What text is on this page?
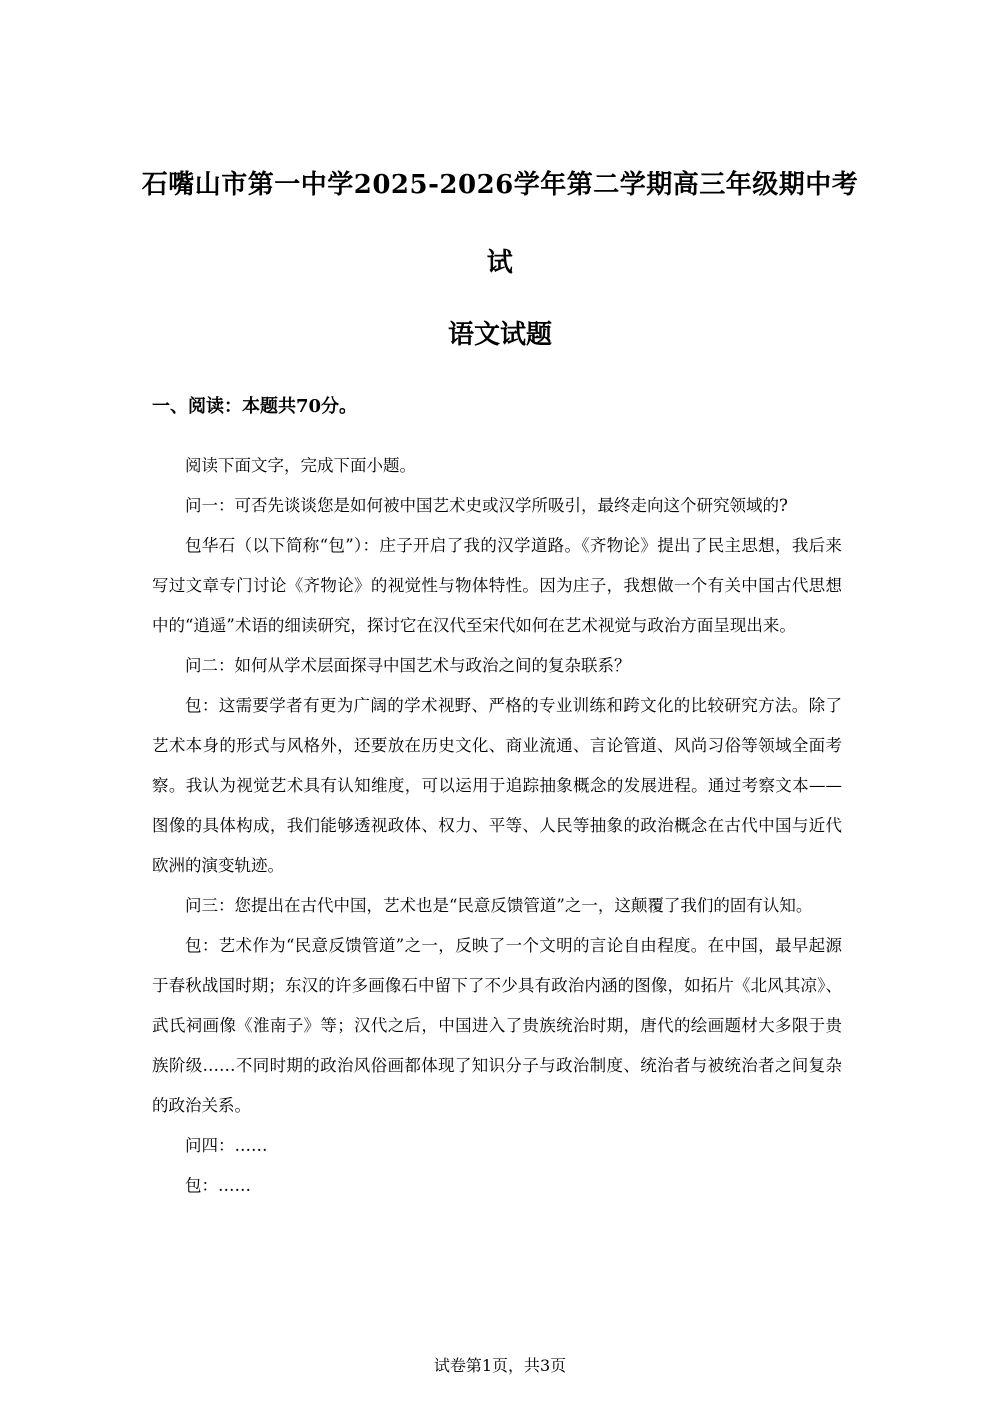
石嘴山市第一中学2025-2026学年第二学期高三年级期中考
试
语文试题
一、阅读：本题共70分。

阅读下面文字，完成下面小题。

问一：可否先谈谈您是如何被中国艺术史或汉学所吸引，最终走向这个研究领域的?

包华石（以下简称“包”）：庄子开启了我的汉学道路。《齐物论》提出了民主思想，我后来写过文章专门讨论《齐物论》的视觉性与物体特性。因为庄子，我想做一个有关中国古代思想中的“逍遥”术语的细读研究，探讨它在汉代至宋代如何在艺术视觉与政治方面呈现出来。

问二：如何从学术层面探寻中国艺术与政治之间的复杂联系？

包：这需要学者有更为广阔的学术视野、严格的专业训练和跨文化的比较研究方法。除了艺术本身的形式与风格外，还要放在历史文化、商业流通、言论管道、风尚习俗等领域全面考察。我认为视觉艺术具有认知维度，可以运用于追踪抽象概念的发展进程。通过考察文本——图像的具体构成，我们能够透视政体、权力、平等、人民等抽象的政治概念在古代中国与近代欧洲的演变轨迹。

问三：您提出在古代中国，艺术也是“民意反馈管道”之一，这颠覆了我们的固有认知。

包：艺术作为“民意反馈管道”之一，反映了一个文明的言论自由程度。在中国，最早起源于春秋战国时期；东汉的许多画像石中留下了不少具有政治内涵的图像，如拓片《北风其凉》、武氏祠画像《淮南子》等；汉代之后，中国进入了贵族统治时期，唐代的绘画题材大多限于贵族阶级……不同时期的政治风俗画都体现了知识分子与政治制度、统治者与被统治者之间复杂的政治关系。

问四：……

包：……

试卷第1页，共3页
